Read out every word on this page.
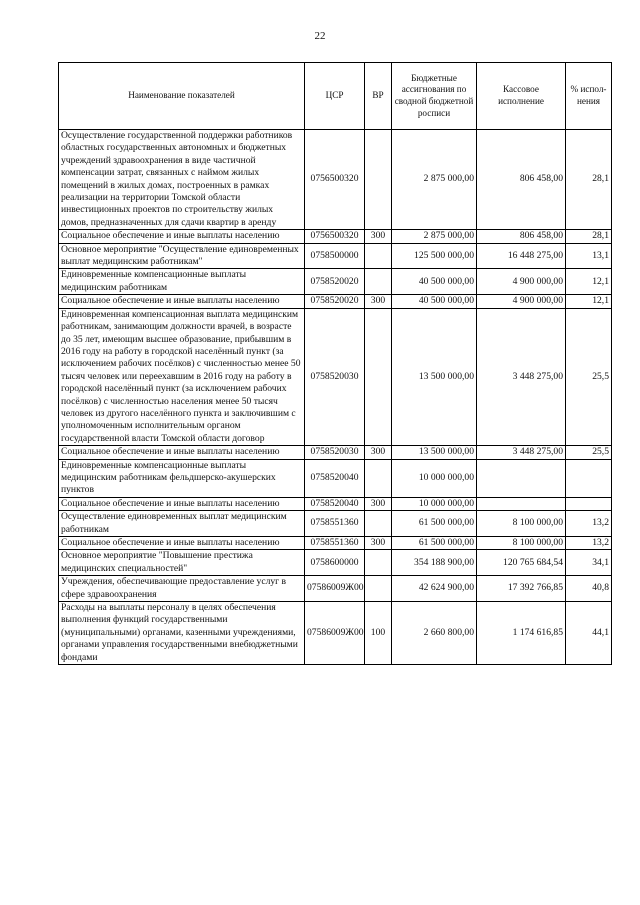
22
Наименование показателей	ЦСР	ВР	Бюджетные ассигнования по сводной бюджетной росписи	Кассовое исполнение	% испол-нения
Осуществление государственной поддержки работников областных государственных автономных и бюджетных учреждений здравоохранения в виде частичной компенсации затрат, связанных с наймом жилых помещений в жилых домах, построенных в рамках реализации на территории Томской области инвестиционных проектов по строительству жилых домов, предназначенных для сдачи квартир в аренду	0756500320		2 875 000,00	806 458,00	28,1
Социальное обеспечение и иные выплаты населению	0756500320	300	2 875 000,00	806 458,00	28,1
Основное мероприятие "Осуществление единовременных выплат медицинским работникам"	0758500000		125 500 000,00	16 448 275,00	13,1
Единовременные компенсационные выплаты медицинским работникам	0758520020		40 500 000,00	4 900 000,00	12,1
Социальное обеспечение и иные выплаты населению	0758520020	300	40 500 000,00	4 900 000,00	12,1
Единовременная компенсационная выплата медицинским работникам, занимающим должности врачей, в возрасте до 35 лет, имеющим высшее образование, прибывшим в 2016 году на работу в городской населённый пункт (за исключением рабочих посёлков) с численностью менее 50 тысяч человек или переехавшим в 2016 году на работу в городской населённый пункт (за исключением рабочих посёлков) с численностью населения менее 50 тысяч человек из другого населённого пункта и заключившим с уполномоченным исполнительным органом государственной власти Томской области договор	0758520030		13 500 000,00	3 448 275,00	25,5
Социальное обеспечение и иные выплаты населению	0758520030	300	13 500 000,00	3 448 275,00	25,5
Единовременные компенсационные выплаты медицинским работникам фельдшерско-акушерских пунктов	0758520040		10 000 000,00		
Социальное обеспечение и иные выплаты населению	0758520040	300	10 000 000,00		
Осуществление единовременных выплат медицинским работникам	0758551360		61 500 000,00	8 100 000,00	13,2
Социальное обеспечение и иные выплаты населению	0758551360	300	61 500 000,00	8 100 000,00	13,2
Основное мероприятие "Повышение престижа медицинских специальностей"	0758600000		354 188 900,00	120 765 684,54	34,1
Учреждения, обеспечивающие предоставление услуг в сфере здравоохранения	07586009Ж00		42 624 900,00	17 392 766,85	40,8
Расходы на выплаты персоналу в целях обеспечения выполнения функций государственными (муниципальными) органами, казенными учреждениями, органами управления государственными внебюджетными фондами	07586009Ж00	100	2 660 800,00	1 174 616,85	44,1
